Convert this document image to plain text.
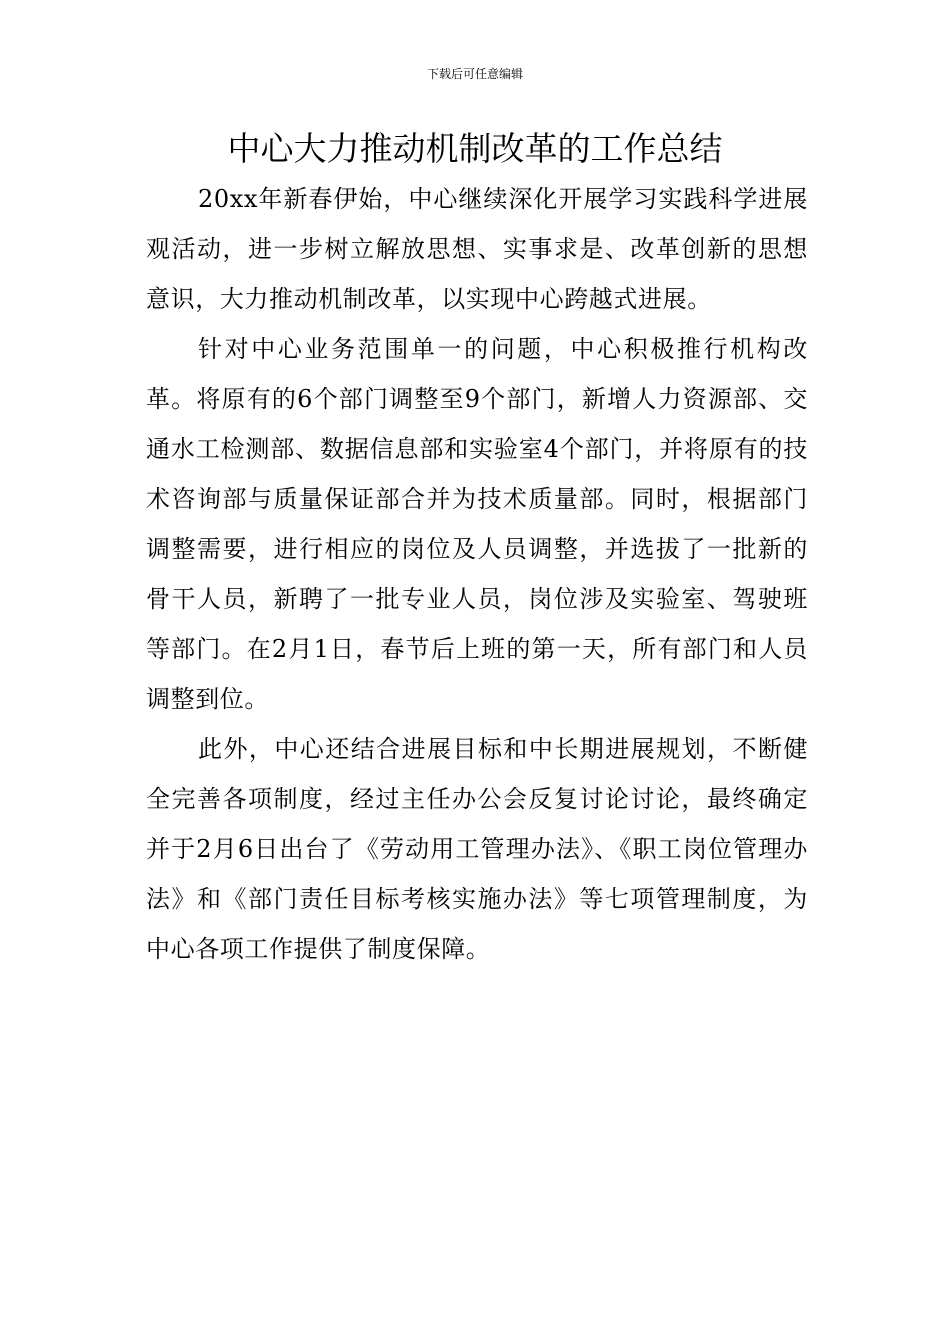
下载后可任意编辑
中心大力推动机制改革的工作总结

20xx年新春伊始，中心继续深化开展学习实践科学进展观活动，进一步树立解放思想、实事求是、改革创新的思想意识，大力推动机制改革，以实现中心跨越式进展。

针对中心业务范围单一的问题，中心积极推行机构改革。将原有的6个部门调整至9个部门，新增人力资源部、交通水工检测部、数据信息部和实验室4个部门，并将原有的技术咨询部与质量保证部合并为技术质量部。同时，根据部门调整需要，进行相应的岗位及人员调整，并选拔了一批新的骨干人员，新聘了一批专业人员，岗位涉及实验室、驾驶班等部门。在2月1日，春节后上班的第一天，所有部门和人员调整到位。

此外，中心还结合进展目标和中长期进展规划，不断健全完善各项制度，经过主任办公会反复讨论讨论，最终确定并于2月6日出台了《劳动用工管理办法》、《职工岗位管理办法》和《部门责任目标考核实施办法》等七项管理制度，为中心各项工作提供了制度保障。
